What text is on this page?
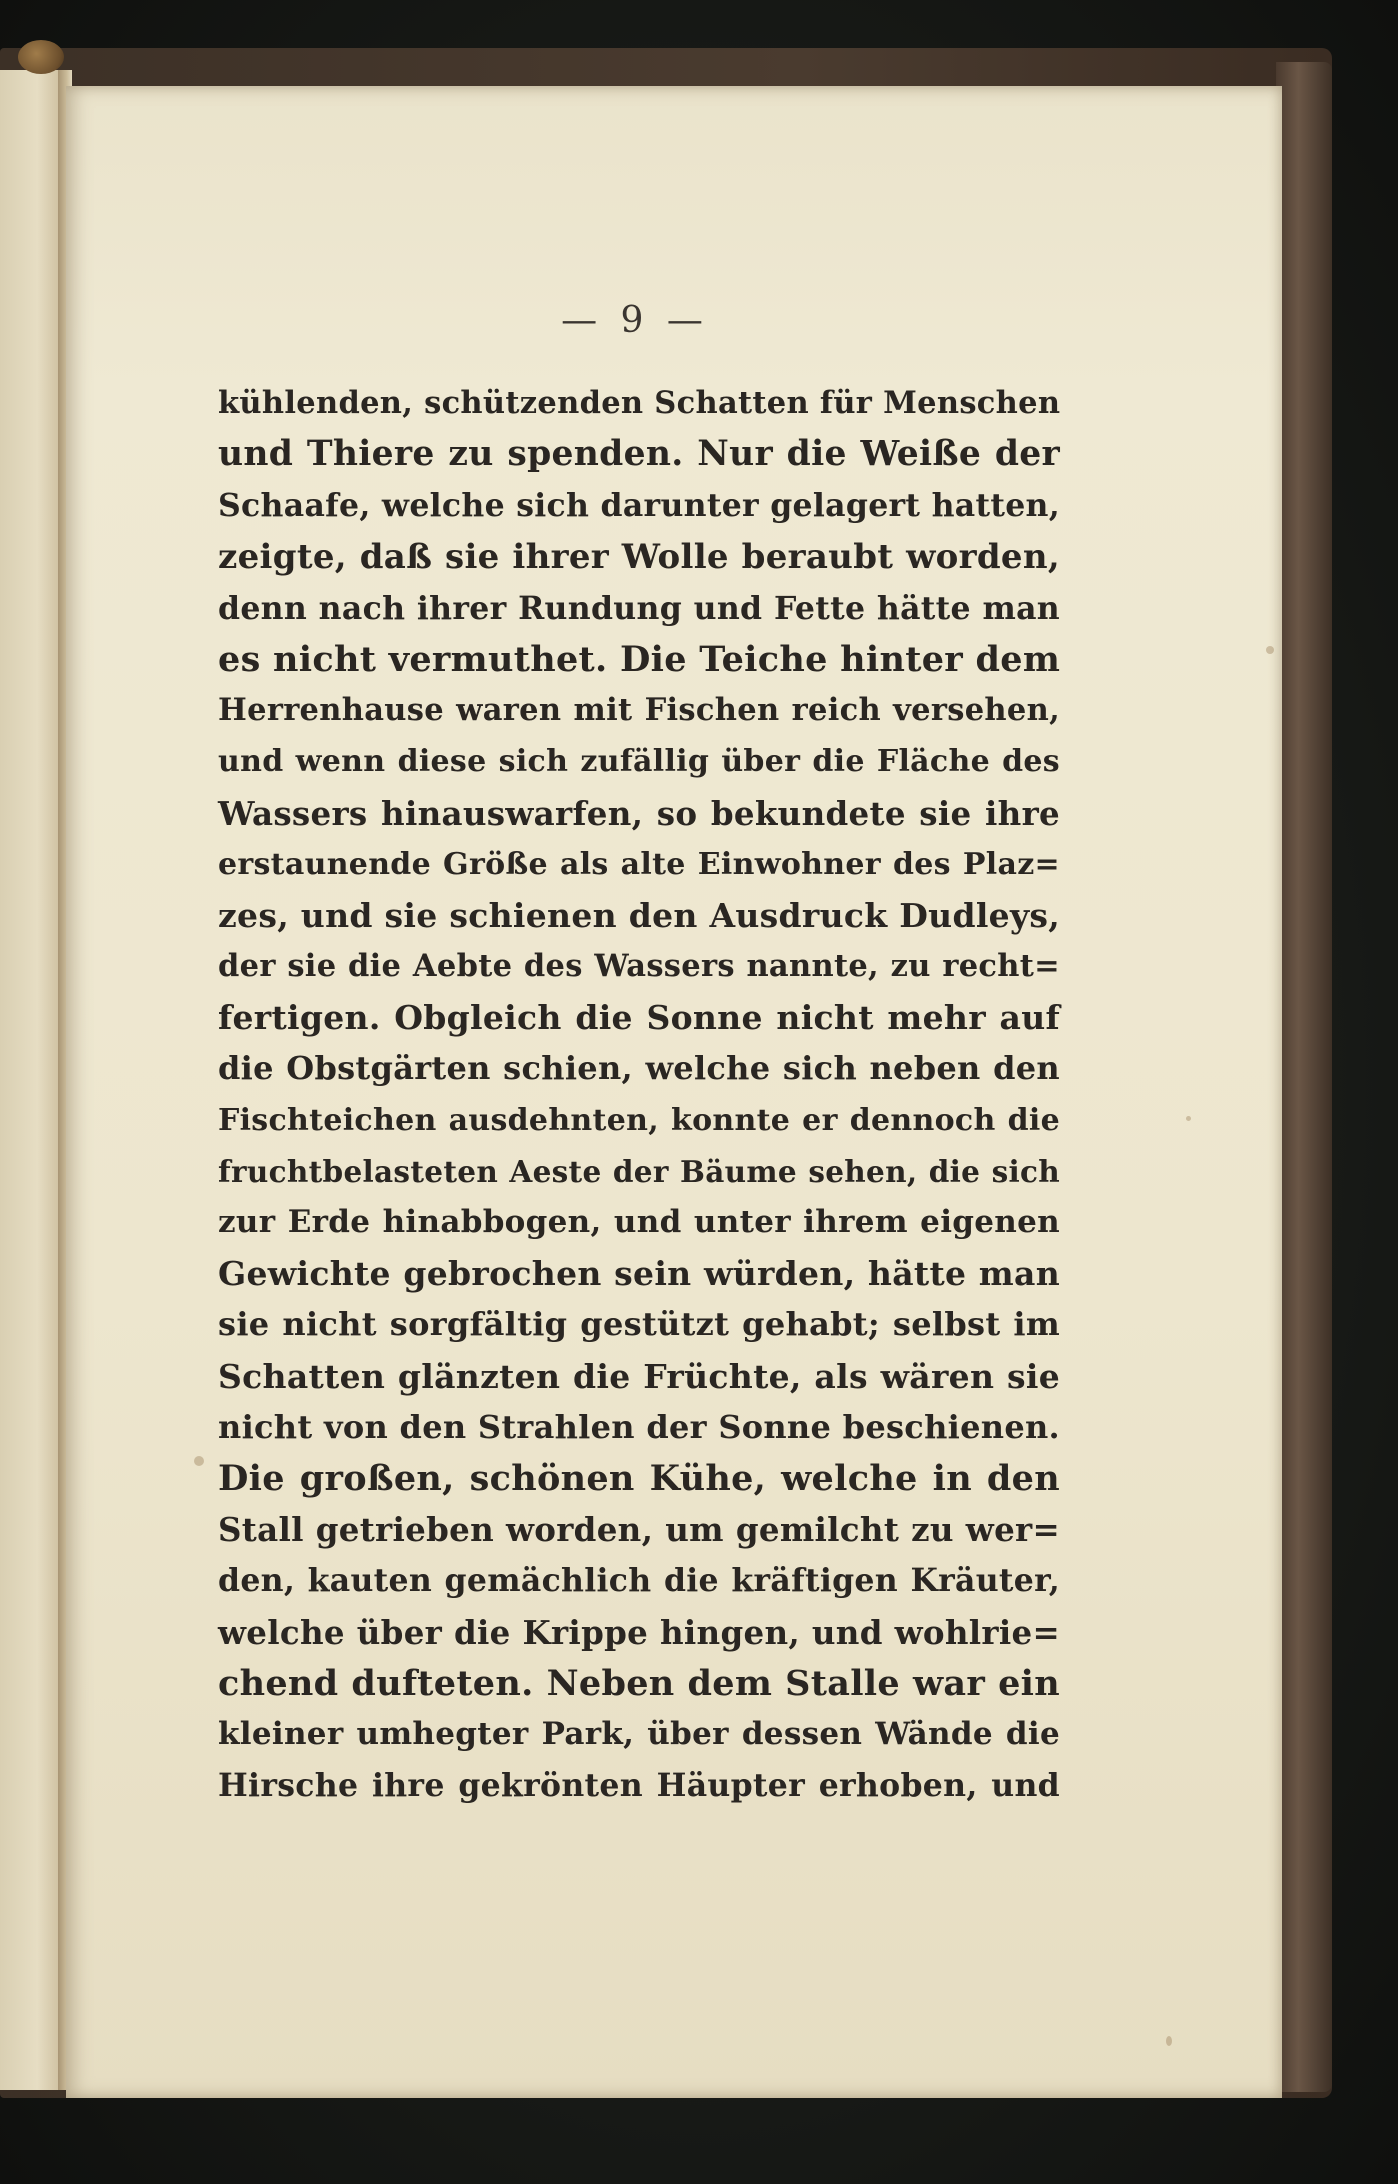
— 9 —
kühlenden, schützenden Schatten für Menschen
und Thiere zu spenden. Nur die Weiße der
Schaafe, welche sich darunter gelagert hatten,
zeigte, daß sie ihrer Wolle beraubt worden,
denn nach ihrer Rundung und Fette hätte man
es nicht vermuthet. Die Teiche hinter dem
Herrenhause waren mit Fischen reich versehen,
und wenn diese sich zufällig über die Fläche des
Wassers hinauswarfen, so bekundete sie ihre
erstaunende Größe als alte Einwohner des Plaz=
zes, und sie schienen den Ausdruck Dudleys,
der sie die Aebte des Wassers nannte, zu recht=
fertigen. Obgleich die Sonne nicht mehr auf
die Obstgärten schien, welche sich neben den
Fischteichen ausdehnten, konnte er dennoch die
fruchtbelasteten Aeste der Bäume sehen, die sich
zur Erde hinabbogen, und unter ihrem eigenen
Gewichte gebrochen sein würden, hätte man
sie nicht sorgfältig gestützt gehabt; selbst im
Schatten glänzten die Früchte, als wären sie
nicht von den Strahlen der Sonne beschienen.
Die großen, schönen Kühe, welche in den
Stall getrieben worden, um gemilcht zu wer=
den, kauten gemächlich die kräftigen Kräuter,
welche über die Krippe hingen, und wohlrie=
chend dufteten. Neben dem Stalle war ein
kleiner umhegter Park, über dessen Wände die
Hirsche ihre gekrönten Häupter erhoben, und
